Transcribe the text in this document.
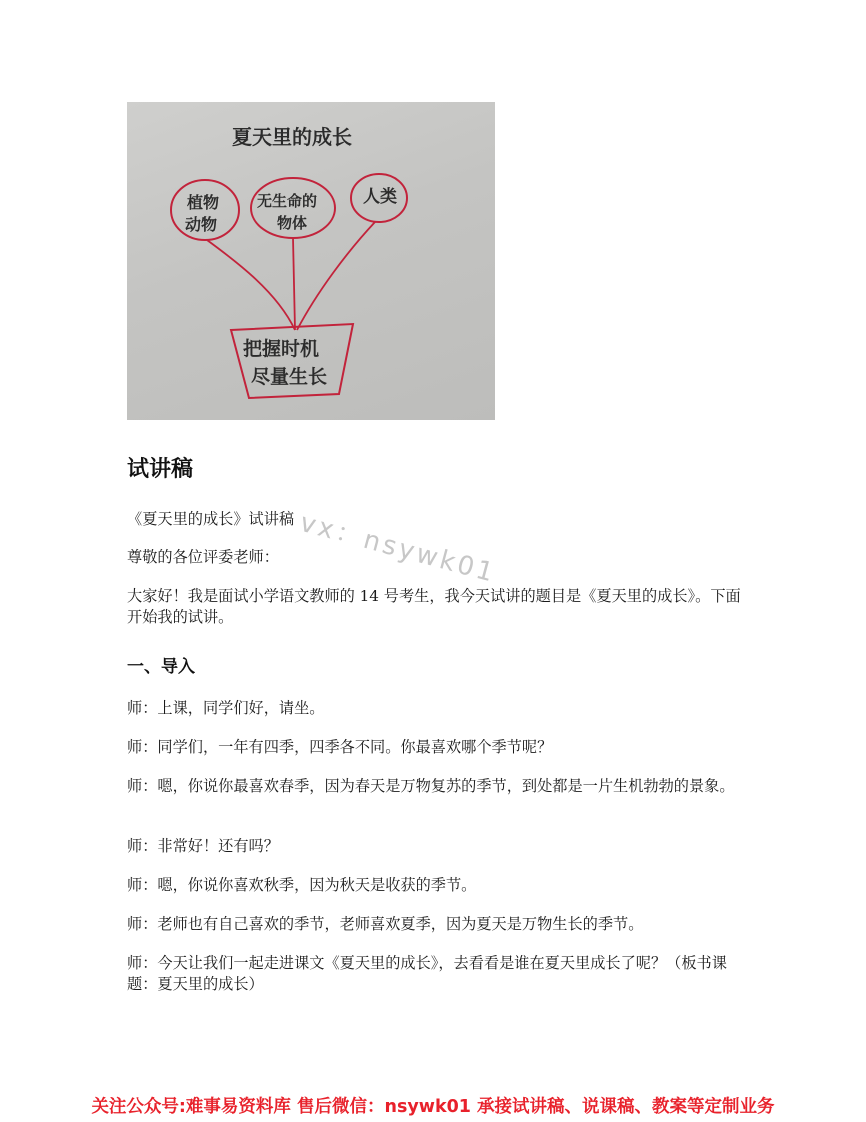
夏天里的成长
植物
动物
无生命的
物体
人类
把握时机
尽量生长
试讲稿

《夏天里的成长》试讲稿

尊敬的各位评委老师：

大家好！我是面试小学语文教师的 14 号考生，我今天试讲的题目是《夏天里的成长》。下面开始我的试讲。

一、导入

师：上课，同学们好，请坐。

师：同学们，一年有四季，四季各不同。你最喜欢哪个季节呢？

师：嗯，你说你最喜欢春季，因为春天是万物复苏的季节，到处都是一片生机勃勃的景象。

师：非常好！还有吗？

师：嗯，你说你喜欢秋季，因为秋天是收获的季节。

师：老师也有自己喜欢的季节，老师喜欢夏季，因为夏天是万物生长的季节。

师：今天让我们一起走进课文《夏天里的成长》，去看看是谁在夏天里成长了呢？（板书课题：夏天里的成长）

vx：nsywk01
关注公众号:难事易资料库 售后微信：nsywk01 承接试讲稿、说课稿、教案等定制业务
